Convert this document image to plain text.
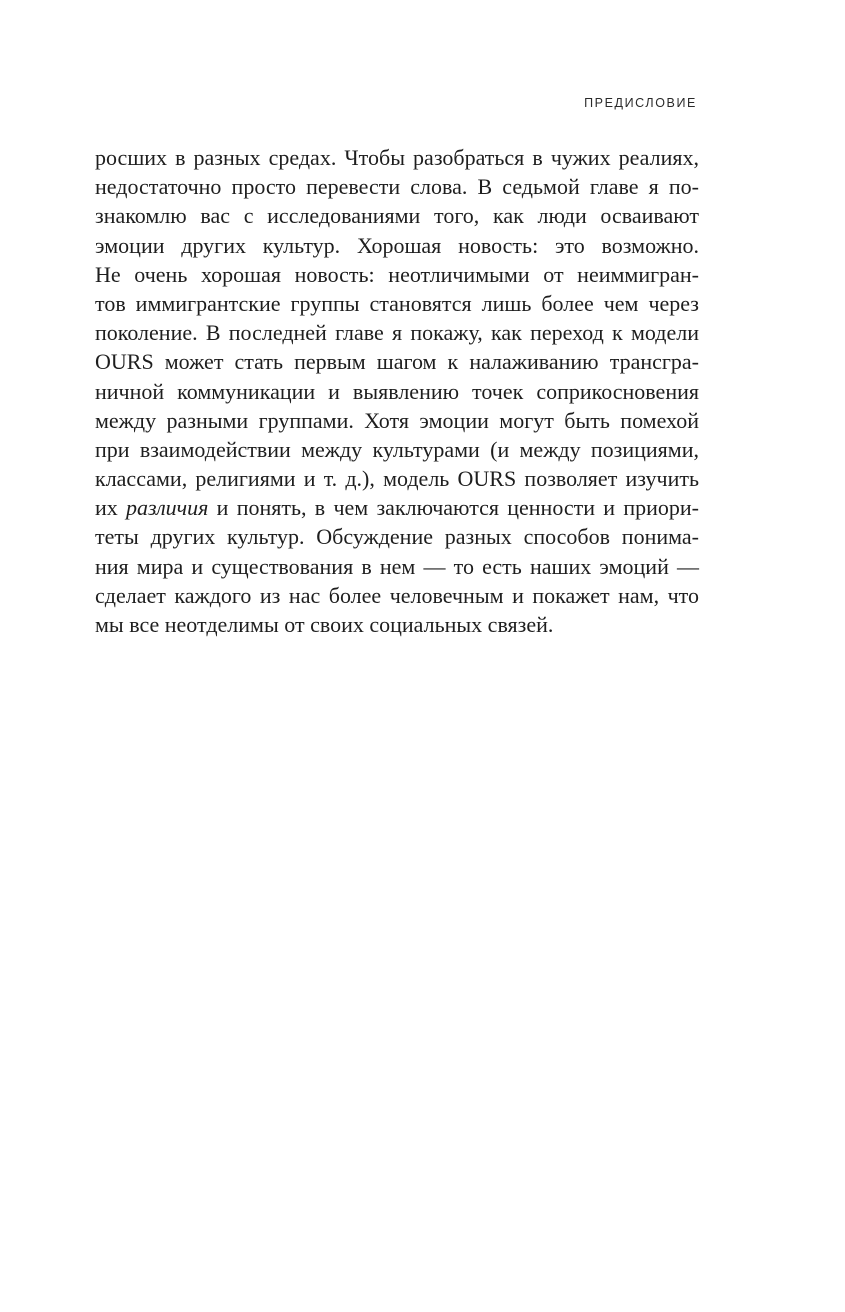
ПРЕДИСЛОВИЕ
росших в разных средах. Чтобы разобраться в чужих реалиях,
недостаточно просто перевести слова. В седьмой главе я по-
знакомлю вас с исследованиями того, как люди осваивают
эмоции других культур. Хорошая новость: это возможно.
Не очень хорошая новость: неотличимыми от неиммигран-
тов иммигрантские группы становятся лишь более чем через
поколение. В последней главе я покажу, как переход к модели
OURS может стать первым шагом к налаживанию трансгра-
ничной коммуникации и выявлению точек соприкосновения
между разными группами. Хотя эмоции могут быть помехой
при взаимодействии между культурами (и между позициями,
классами, религиями и т. д.), модель OURS позволяет изучить
их различия и понять, в чем заключаются ценности и приори-
теты других культур. Обсуждение разных способов понима-
ния мира и существования в нем — то есть наших эмоций —
сделает каждого из нас более человечным и покажет нам, что
мы все неотделимы от своих социальных связей.
